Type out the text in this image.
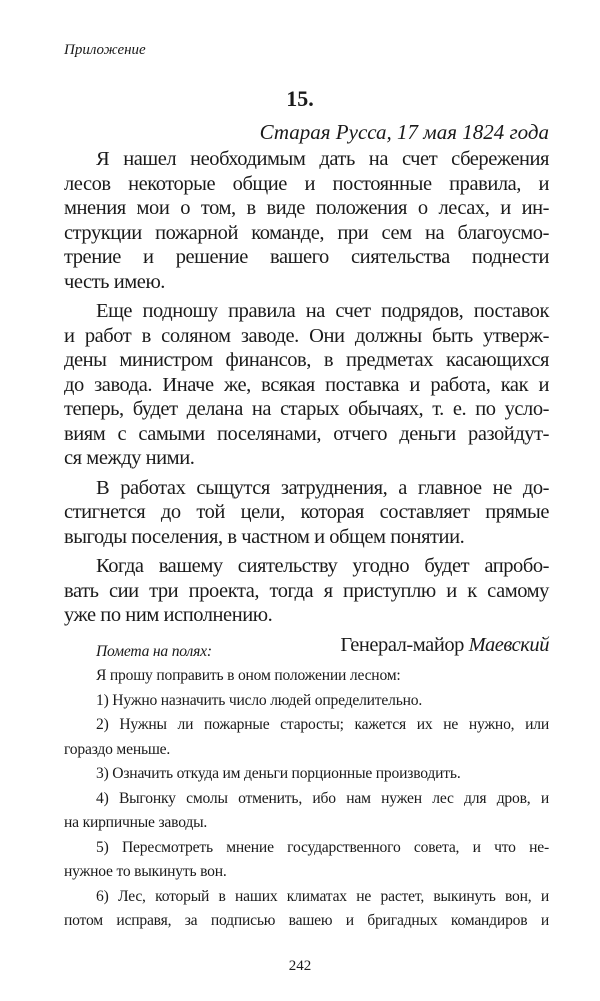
Приложение
15.
Старая Русса, 17 мая 1824 года
Я нашел необходимым дать на счет сбережения
лесов некоторые общие и постоянные правила, и
мнения мои о том, в виде положения о лесах, и ин-
струкции пожарной команде, при сем на благоусмо-
трение и решение вашего сиятельства поднести
честь имею.
Еще подношу правила на счет подрядов, поставок
и работ в соляном заводе. Они должны быть утверж-
дены министром финансов, в предметах касающихся
до завода. Иначе же, всякая поставка и работа, как и
теперь, будет делана на старых обычаях, т. е. по усло-
виям с самыми поселянами, отчего деньги разойдут-
ся между ними.
В работах сыщутся затруднения, а главное не до-
стигнется до той цели, которая составляет прямые
выгоды поселения, в частном и общем понятии.
Когда вашему сиятельству угодно будет апробо-
вать сии три проекта, тогда я приступлю и к самому
уже по ним исполнению.
Генерал-майор Маевский
Помета на полях:
Я прошу поправить в оном положении лесном:
1) Нужно назначить число людей определительно.
2) Нужны ли пожарные старосты; кажется их не нужно, или
гораздо меньше.
3) Означить откуда им деньги порционные производить.
4) Выгонку смолы отменить, ибо нам нужен лес для дров, и
на кирпичные заводы.
5) Пересмотреть мнение государственного совета, и что не-
нужное то выкинуть вон.
6) Лес, который в наших климатах не растет, выкинуть вон, и
потом исправя, за подписью вашею и бригадных командиров и
242
